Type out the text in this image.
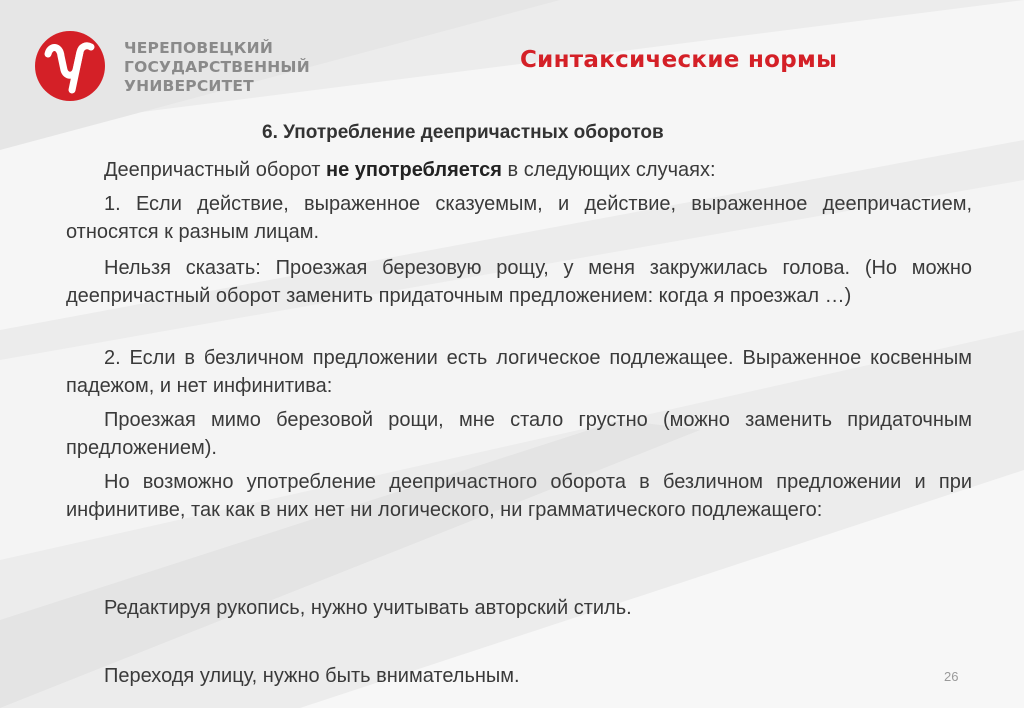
ЧЕРЕПОВЕЦКИЙ
ГОСУДАРСТВЕННЫЙ
УНИВЕРСИТЕТ
Синтаксические нормы
6. Употребление деепричастных оборотов
Деепричастный оборот не употребляется в следующих случаях:
1. Если действие, выраженное сказуемым, и действие, выраженное деепричастием, относятся к разным лицам.
Нельзя сказать: Проезжая березовую рощу, у меня закружилась голова. (Но можно деепричастный оборот заменить придаточным предложением: когда я проезжал …)
2. Если в безличном предложении есть логическое подлежащее. Выраженное косвенным падежом, и нет инфинитива:
Проезжая мимо березовой рощи, мне стало грустно (можно заменить придаточным предложением).
Но возможно употребление деепричастного оборота в безличном предложении и при инфинитиве, так как в них нет ни логического, ни грамматического подлежащего:
Редактируя рукопись, нужно учитывать авторский стиль.
Переходя улицу, нужно быть внимательным.	26
